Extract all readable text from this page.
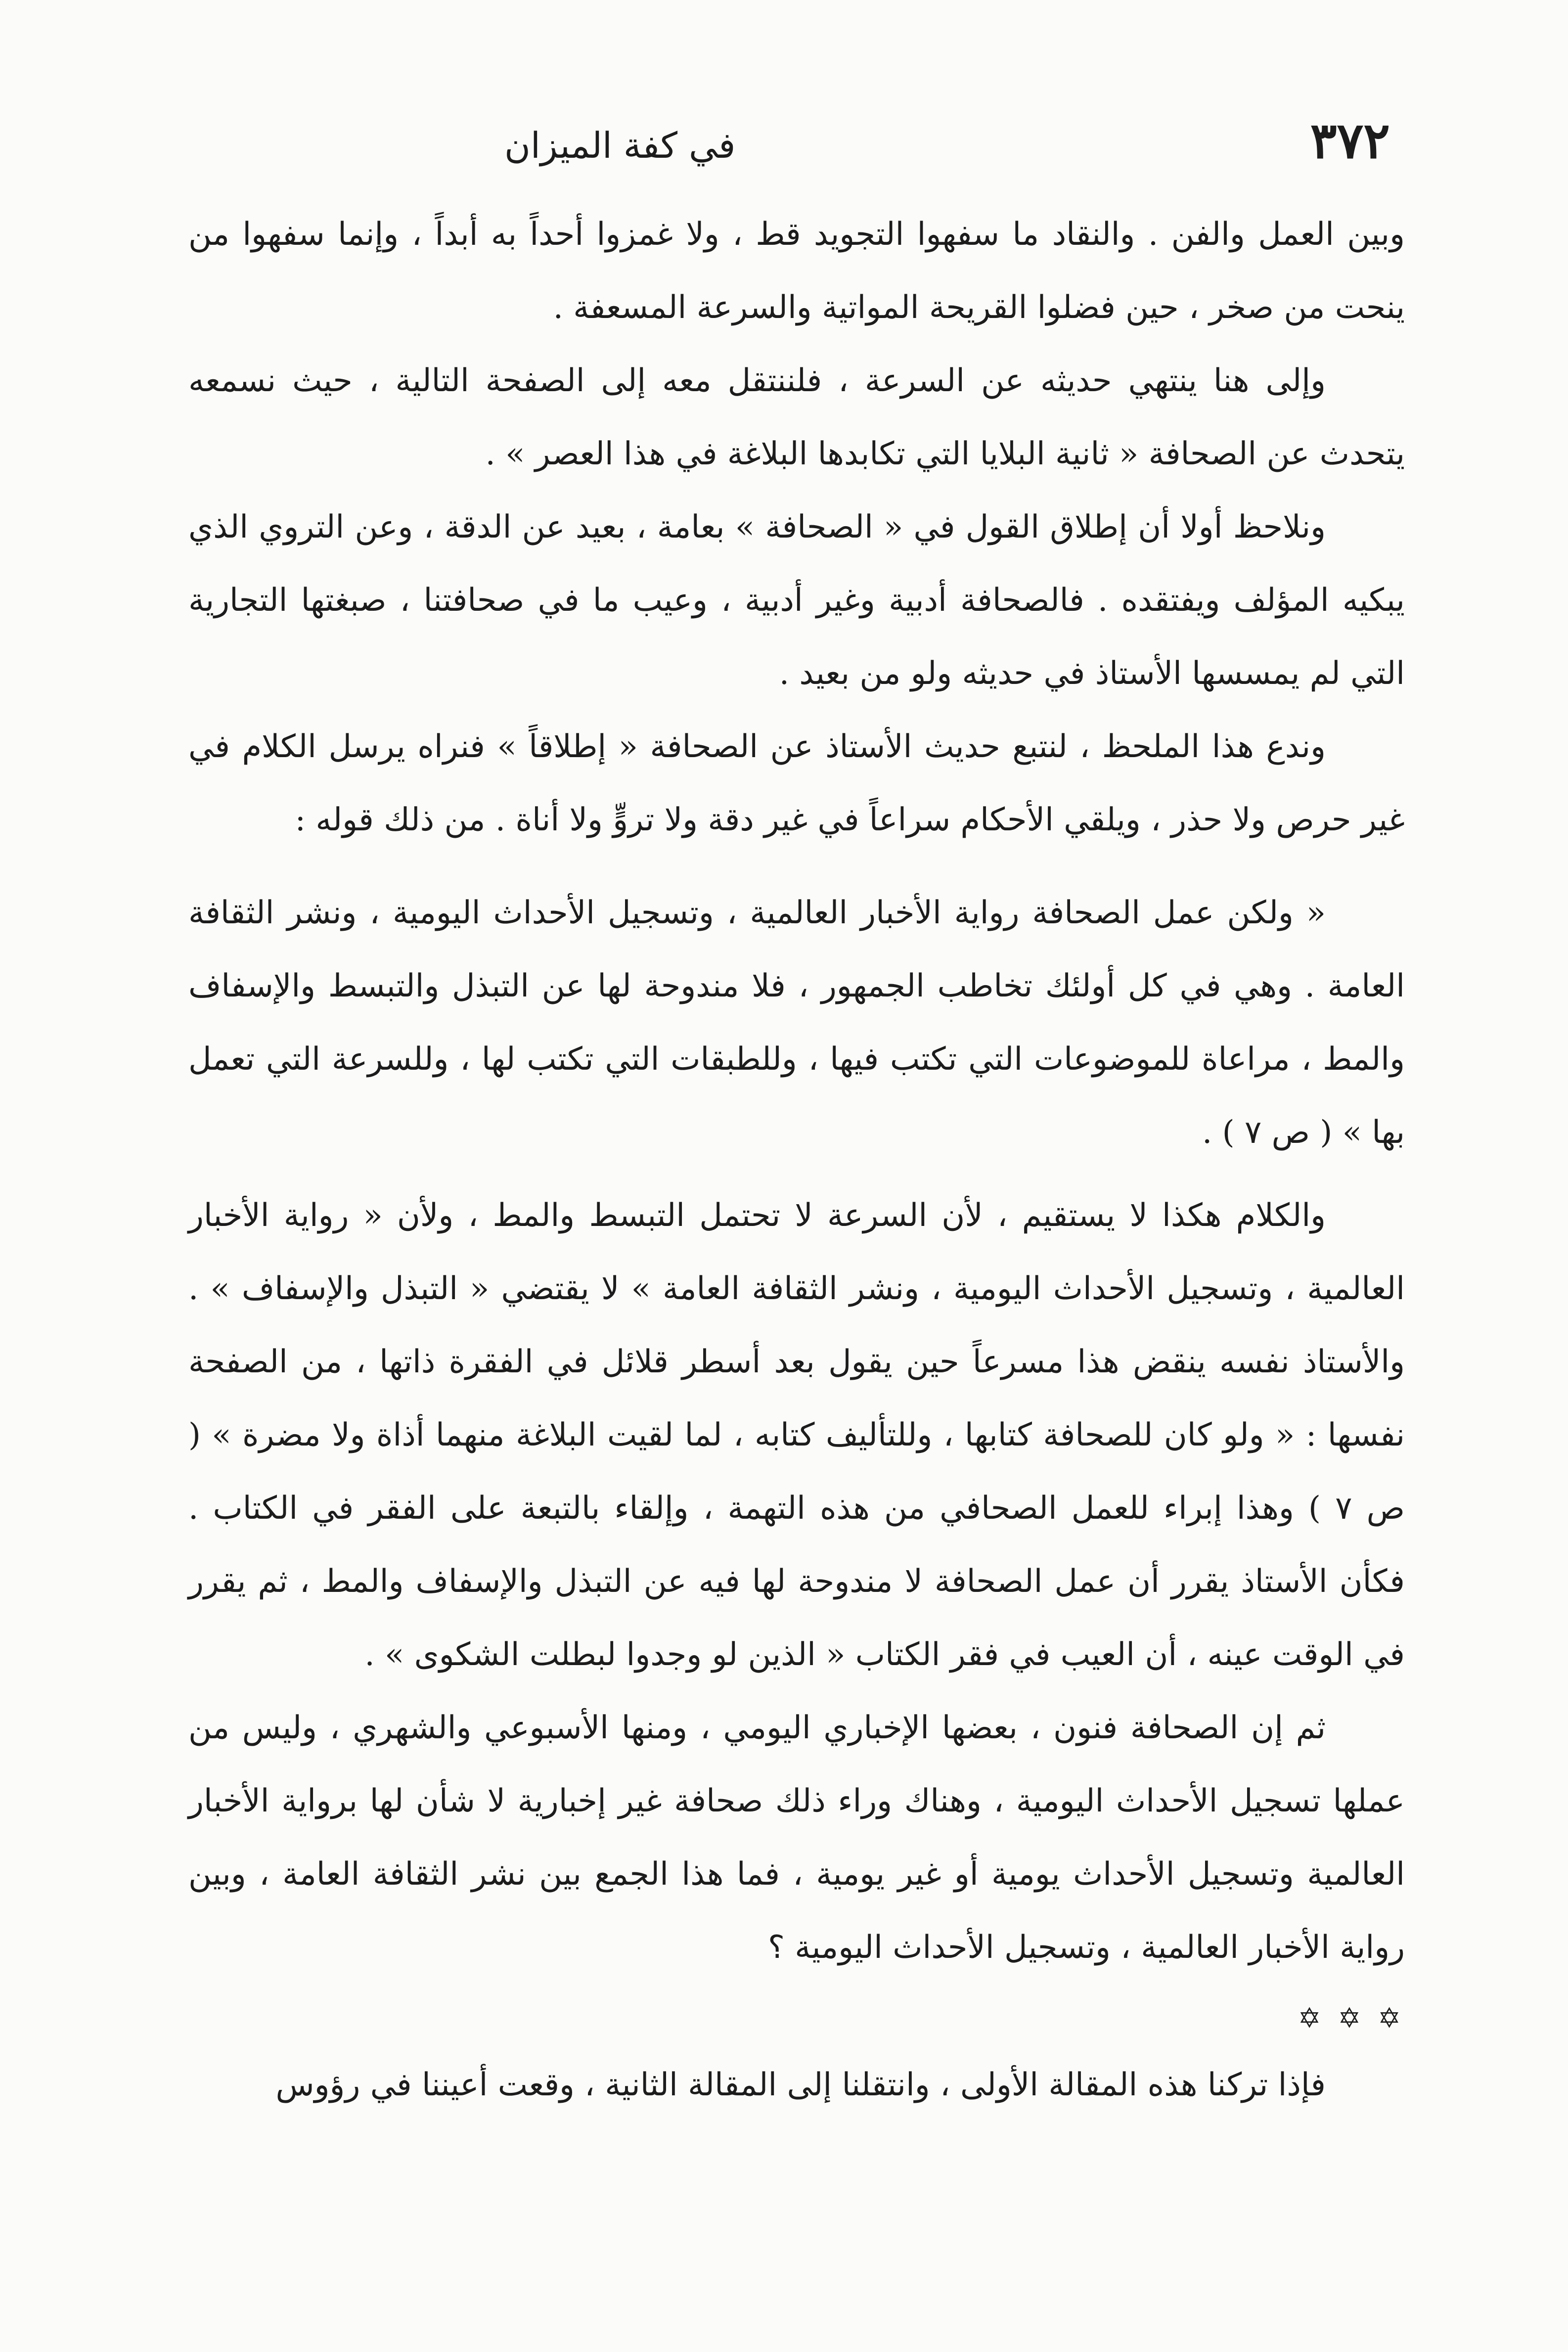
٣٧٢
في كفة الميزان

وبين العمل والفن . والنقاد ما سفهوا التجويد قط ، ولا غمزوا أحداً به أبداً ، وإنما سفهوا من ينحت من صخر ، حين فضلوا القريحة المواتية والسرعة المسعفة .

وإلى هنا ينتهي حديثه عن السرعة ، فلننتقل معه إلى الصفحة التالية ، حيث نسمعه يتحدث عن الصحافة « ثانية البلايا التي تكابدها البلاغة في هذا العصر » .

ونلاحظ أولا أن إطلاق القول في « الصحافة » بعامة ، بعيد عن الدقة ، وعن التروي الذي يبكيه المؤلف ويفتقده . فالصحافة أدبية وغير أدبية ، وعيب ما في صحافتنا ، صبغتها التجارية التي لم يمسسها الأستاذ في حديثه ولو من بعيد .

وندع هذا الملحظ ، لنتبع حديث الأستاذ عن الصحافة « إطلاقاً » فنراه يرسل الكلام في غير حرص ولا حذر ، ويلقي الأحكام سراعاً في غير دقة ولا تروٍّ ولا أناة . من ذلك قوله :

« ولكن عمل الصحافة رواية الأخبار العالمية ، وتسجيل الأحداث اليومية ، ونشر الثقافة العامة . وهي في كل أولئك تخاطب الجمهور ، فلا مندوحة لها عن التبذل والتبسط والإسفاف والمط ، مراعاة للموضوعات التي تكتب فيها ، وللطبقات التي تكتب لها ، وللسرعة التي تعمل بها » ( ص ٧ ) .

والكلام هكذا لا يستقيم ، لأن السرعة لا تحتمل التبسط والمط ، ولأن « رواية الأخبار العالمية ، وتسجيل الأحداث اليومية ، ونشر الثقافة العامة » لا يقتضي « التبذل والإسفاف » . والأستاذ نفسه ينقض هذا مسرعاً حين يقول بعد أسطر قلائل في الفقرة ذاتها ، من الصفحة نفسها : « ولو كان للصحافة كتابها ، وللتأليف كتابه ، لما لقيت البلاغة منهما أذاة ولا مضرة » ( ص ٧ ) وهذا إبراء للعمل الصحافي من هذه التهمة ، وإلقاء بالتبعة على الفقر في الكتاب . فكأن الأستاذ يقرر أن عمل الصحافة لا مندوحة لها فيه عن التبذل والإسفاف والمط ، ثم يقرر في الوقت عينه ، أن العيب في فقر الكتاب « الذين لو وجدوا لبطلت الشكوى » .

ثم إن الصحافة فنون ، بعضها الإخباري اليومي ، ومنها الأسبوعي والشهري ، وليس من عملها تسجيل الأحداث اليومية ، وهناك وراء ذلك صحافة غير إخبارية لا شأن لها برواية الأخبار العالمية وتسجيل الأحداث يومية أو غير يومية ، فما هذا الجمع بين نشر الثقافة العامة ، وبين رواية الأخبار العالمية ، وتسجيل الأحداث اليومية ؟

✡ ✡ ✡

فإذا تركنا هذه المقالة الأولى ، وانتقلنا إلى المقالة الثانية ، وقعت أعيننا في رؤوس
